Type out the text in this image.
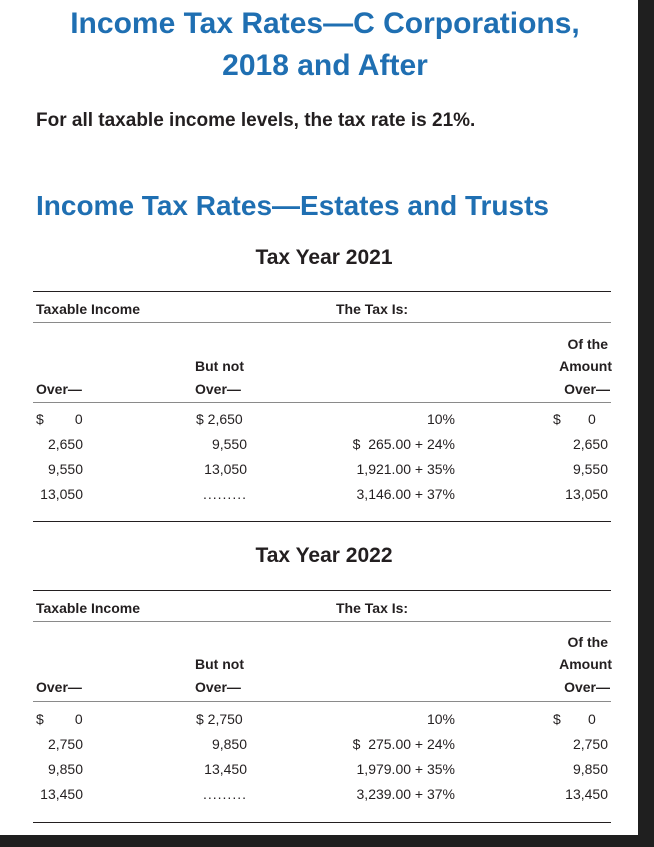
Income Tax Rates—C Corporations,
2018 and After
For all taxable income levels, the tax rate is 21%.
Income Tax Rates—Estates and Trusts
Tax Year 2021
Taxable Income	The Tax Is:
Of the
But not	Amount
Over—	Over—	Over—
$        0	$ 2,650	10%	$       0
2,650	9,550	$  265.00 + 24%	2,650
9,550	13,050	1,921.00 + 35%	9,550
13,050	.........	3,146.00 + 37%	13,050
Tax Year 2022
Taxable Income	The Tax Is:
Of the
But not	Amount
Over—	Over—	Over—
$        0	$ 2,750	10%	$       0
2,750	9,850	$  275.00 + 24%	2,750
9,850	13,450	1,979.00 + 35%	9,850
13,450	.........	3,239.00 + 37%	13,450
